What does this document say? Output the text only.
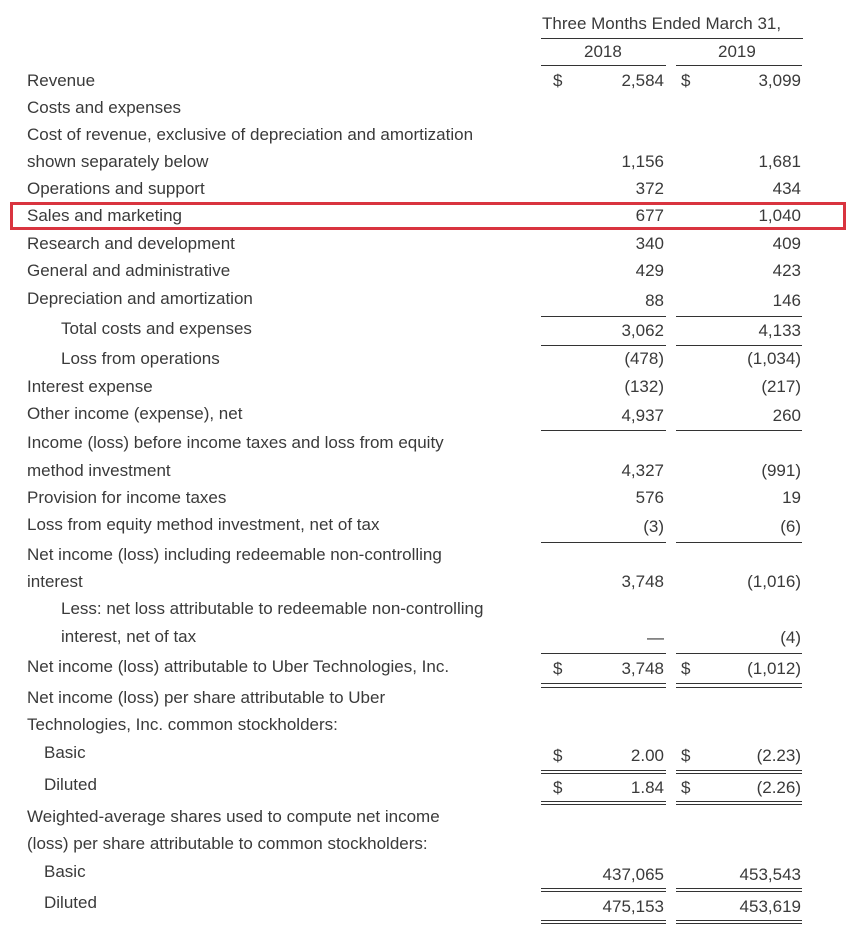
Three Months Ended March 31,
2018	2019
Revenue	$	2,584 $	3,099
Costs and expenses
Cost of revenue, exclusive of depreciation and amortization
shown separately below	1,156	1,681
Operations and support	372	434
Sales and marketing	677	1,040
Research and development	340	409
General and administrative	429	423
Depreciation and amortization	88	146
Total costs and expenses	3,062	4,133
Loss from operations	(478)	(1,034)
Interest expense	(132)	(217)
Other income (expense), net	4,937	260
Income (loss) before income taxes and loss from equity
method investment	4,327	(991)
Provision for income taxes	576	19
Loss from equity method investment, net of tax	(3)	(6)
Net income (loss) including redeemable non-controlling
interest	3,748	(1,016)
Less: net loss attributable to redeemable non-controlling
interest, net of tax	—	(4)
Net income (loss) attributable to Uber Technologies, Inc.	$	3,748 $	(1,012)
Net income (loss) per share attributable to Uber
Technologies, Inc. common stockholders:
Basic	$	2.00 $	(2.23)
Diluted	$	1.84 $	(2.26)
Weighted-average shares used to compute net income
(loss) per share attributable to common stockholders:
Basic	437,065	453,543
Diluted	475,153	453,619
